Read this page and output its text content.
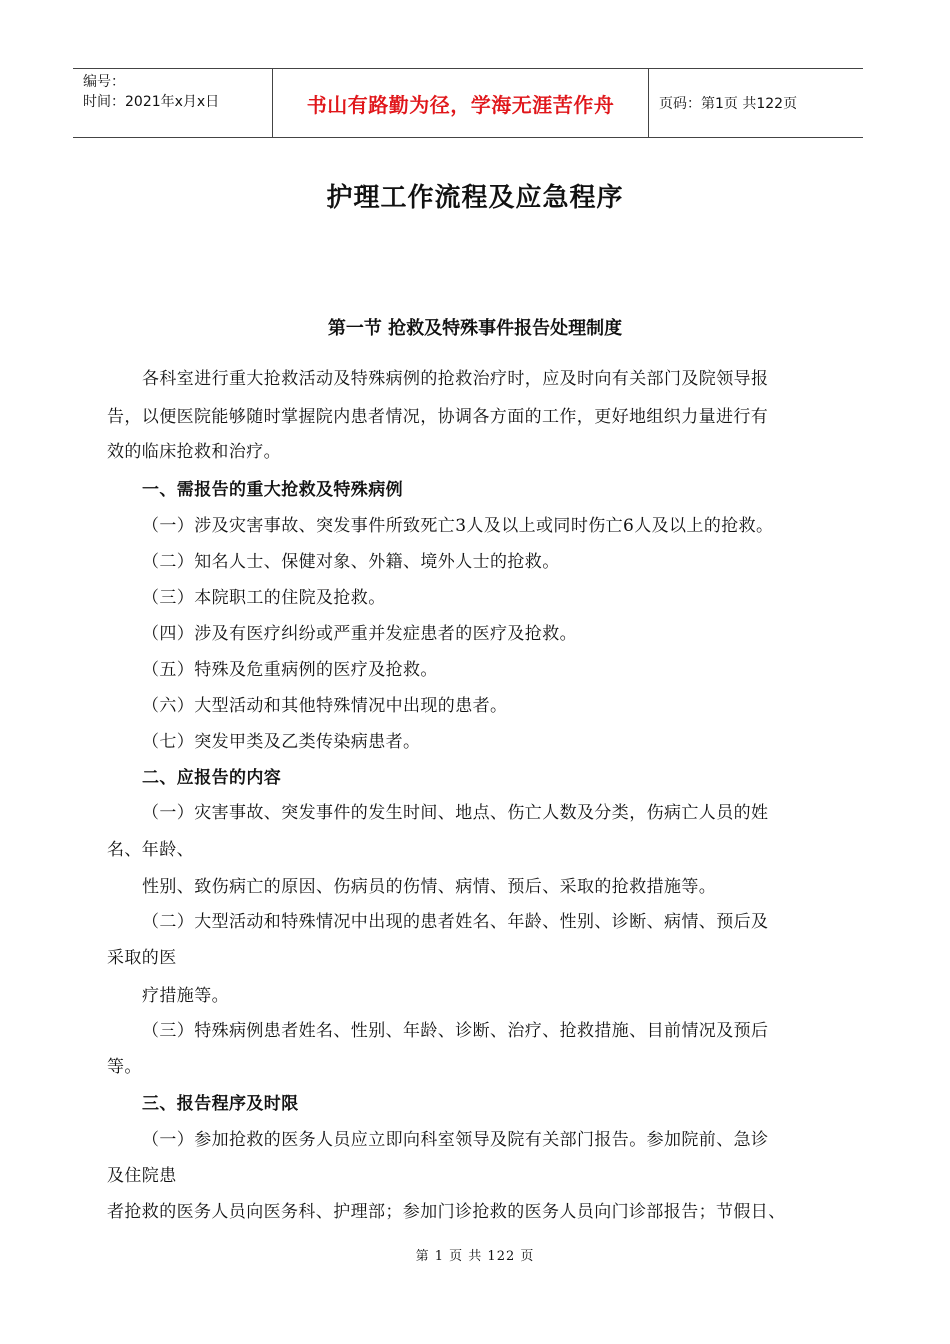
编号：
时间：2021年x月x日	书山有路勤为径，学海无涯苦作舟	页码：第1页 共122页
护理工作流程及应急程序
第一节 抢救及特殊事件报告处理制度
各科室进行重大抢救活动及特殊病例的抢救治疗时，应及时向有关部门及院领导报
告，以便医院能够随时掌握院内患者情况，协调各方面的工作，更好地组织力量进行有
效的临床抢救和治疗。
一、需报告的重大抢救及特殊病例
（一）涉及灾害事故、突发事件所致死亡3人及以上或同时伤亡6人及以上的抢救。
（二）知名人士、保健对象、外籍、境外人士的抢救。
（三）本院职工的住院及抢救。
（四）涉及有医疗纠纷或严重并发症患者的医疗及抢救。
（五）特殊及危重病例的医疗及抢救。
（六）大型活动和其他特殊情况中出现的患者。
（七）突发甲类及乙类传染病患者。
二、应报告的内容
（一）灾害事故、突发事件的发生时间、地点、伤亡人数及分类，伤病亡人员的姓
名、年龄、
性别、致伤病亡的原因、伤病员的伤情、病情、预后、采取的抢救措施等。
（二）大型活动和特殊情况中出现的患者姓名、年龄、性别、诊断、病情、预后及
采取的医
疗措施等。
（三）特殊病例患者姓名、性别、年龄、诊断、治疗、抢救措施、目前情况及预后
等。
三、报告程序及时限
（一）参加抢救的医务人员应立即向科室领导及院有关部门报告。参加院前、急诊
及住院患
者抢救的医务人员向医务科、护理部；参加门诊抢救的医务人员向门诊部报告；节假日、
第 1 页 共 122 页
